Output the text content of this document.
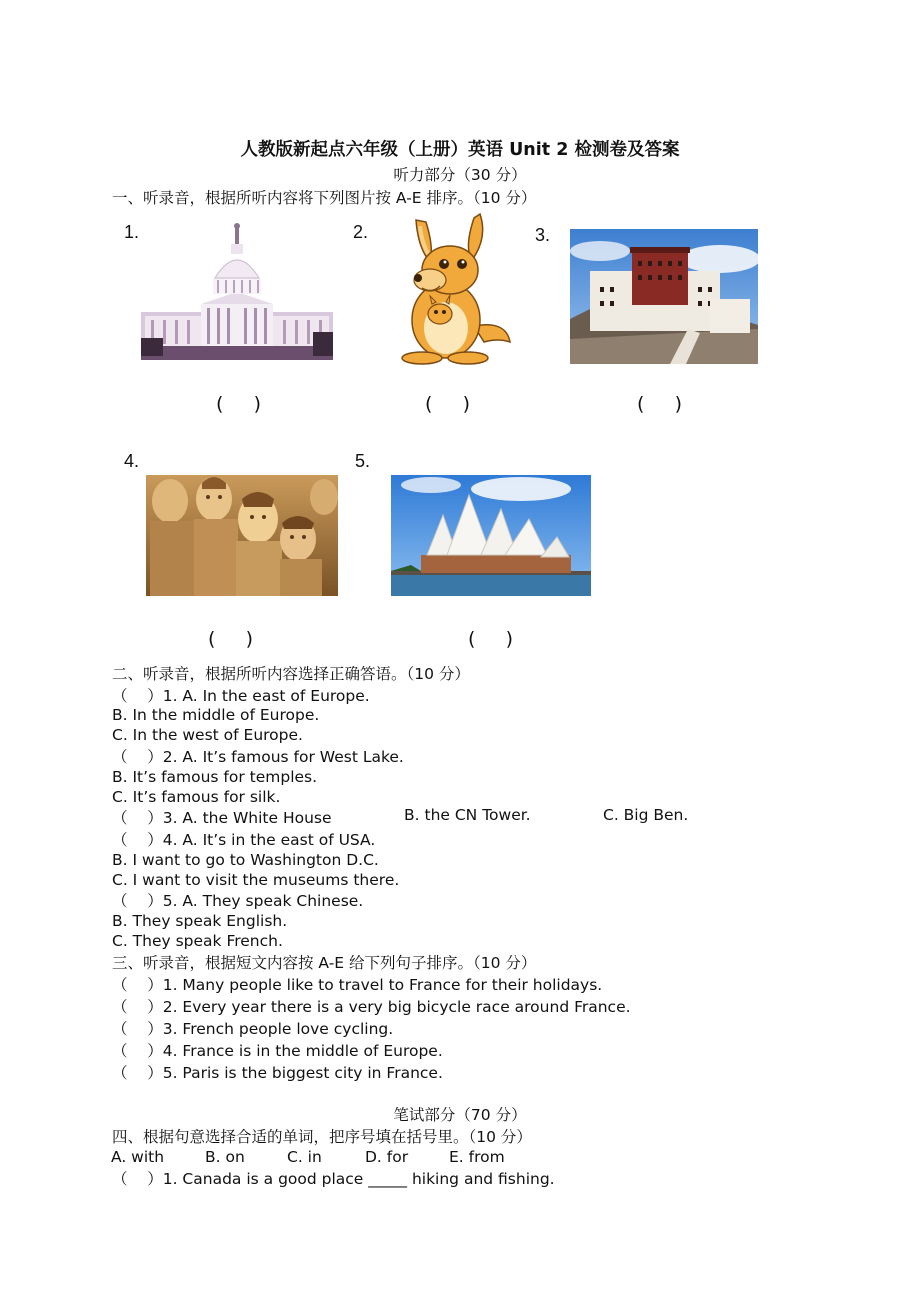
人教版新起点六年级（上册）英语 Unit 2 检测卷及答案
听力部分（30 分）
一、听录音，根据所听内容将下列图片按 A-E 排序。（10 分）
1.	2.	3.
4.	5.
(     )	(     )	(     )
(     )	(     )
二、听录音，根据所听内容选择正确答语。（10 分）
（    ）1. A. In the east of Europe.
B. In the middle of Europe.
C. In the west of Europe.
（    ）2. A. It’s famous for West Lake.
B. It’s famous for temples.
C. It’s famous for silk.
（    ）3. A. the White House	B. the CN Tower.	C. Big Ben.
（    ）4. A. It’s in the east of USA.
B. I want to go to Washington D.C.
C. I want to visit the museums there.
（    ）5. A. They speak Chinese.
B. They speak English.
C. They speak French.
三、听录音，根据短文内容按 A-E 给下列句子排序。（10 分）
（    ）1. Many people like to travel to France for their holidays.
（    ）2. Every year there is a very big bicycle race around France.
（    ）3. French people love cycling.
（    ）4. France is in the middle of Europe.
（    ）5. Paris is the biggest city in France.
笔试部分（70 分）
四、根据句意选择合适的单词，把序号填在括号里。（10 分）
A. with	B. on	C. in	D. for	E. from
（    ）1. Canada is a good place _____ hiking and fishing.
